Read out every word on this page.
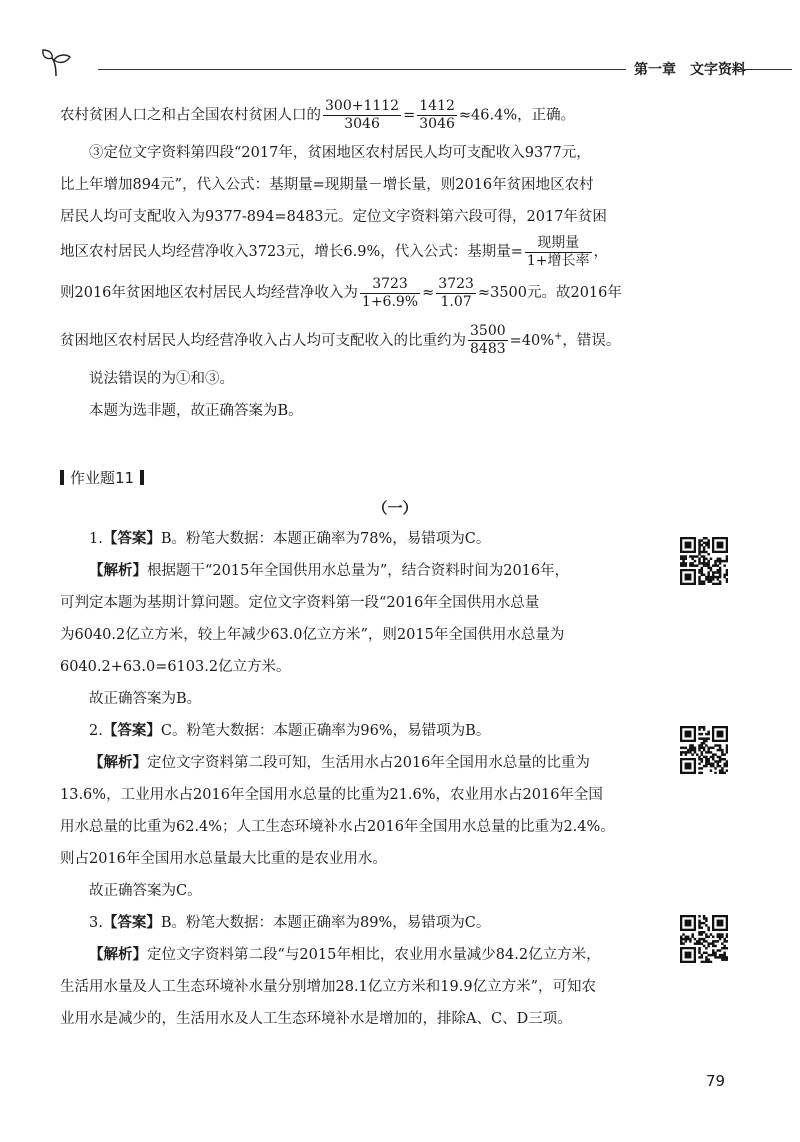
第一章 文字资料

农村贫困人口之和占全国农村贫困人口的 $\frac{300+1112}{3046} = \frac{1412}{3046} \approx 46.4\%$，正确。

③定位文字资料第四段“2017年，贫困地区农村居民人均可支配收入9377元，

比上年增加894元”，代入公式：基期量=现期量－增长量，则2016年贫困地区农村

居民人均可支配收入为9377-894=8483元。定位文字资料第六段可得，2017年贫困

地区农村居民人均经营净收入3723元，增长6.9%，代入公式：基期量= $\frac{\text{现期量}}{\text{1+增长率}}$ ，

则2016年贫困地区农村居民人均经营净收入为 $\frac{3723}{1+6.9\%} \approx \frac{3723}{1.07} \approx 3500$元。故2016年

贫困地区农村居民人均经营净收入占人均可支配收入的比重约为 $\frac{3500}{8483} =40\%^+$，错误。

说法错误的为①和③。

本题为选非题，故正确答案为B。

作业题11
（一）

1.【答案】B。粉笔大数据：本题正确率为78%，易错项为C。

【解析】根据题干“2015年全国供用水总量为”，结合资料时间为2016年，

可判定本题为基期计算问题。定位文字资料第一段“2016年全国供用水总量

为6040.2亿立方米，较上年减少63.0亿立方米”，则2015年全国供用水总量为

6040.2+63.0=6103.2亿立方米。

故正确答案为B。

2.【答案】C。粉笔大数据：本题正确率为96%，易错项为B。

【解析】定位文字资料第二段可知，生活用水占2016年全国用水总量的比重为

13.6%，工业用水占2016年全国用水总量的比重为21.6%，农业用水占2016年全国

用水总量的比重为62.4%；人工生态环境补水占2016年全国用水总量的比重为2.4%。

则占2016年全国用水总量最大比重的是农业用水。

故正确答案为C。

3.【答案】B。粉笔大数据：本题正确率为89%，易错项为C。

【解析】定位文字资料第二段“与2015年相比，农业用水量减少84.2亿立方米，

生活用水量及人工生态环境补水量分别增加28.1亿立方米和19.9亿立方米”，可知农

业用水是减少的，生活用水及人工生态环境补水是增加的，排除A、C、D三项。

79
